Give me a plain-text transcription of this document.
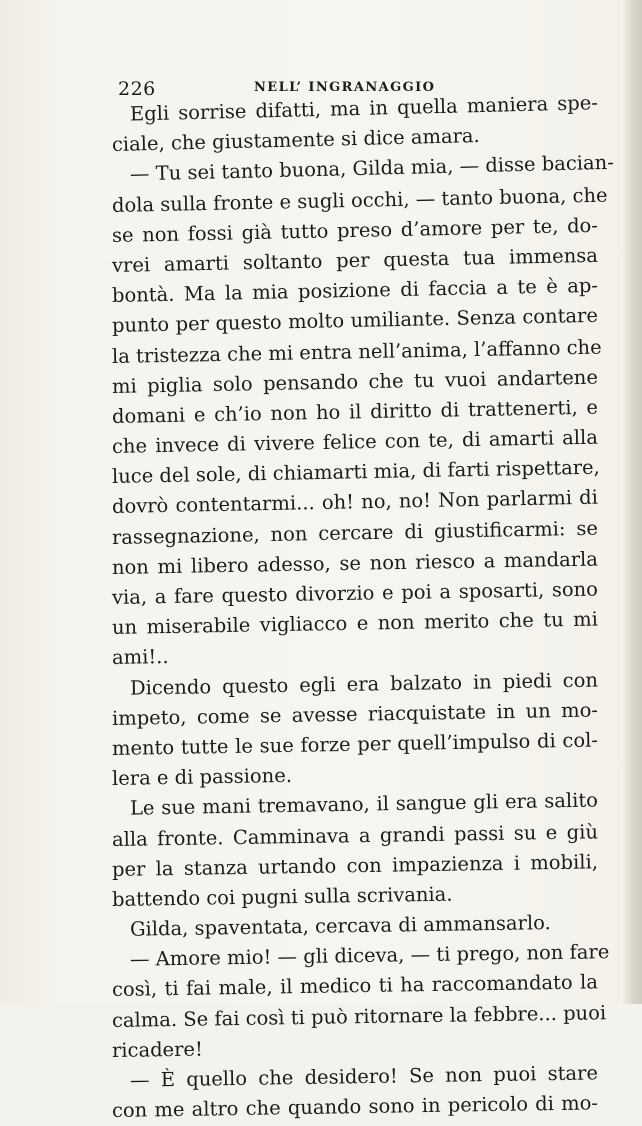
226	NELL’ INGRANAGGIO
Egli sorrise difatti, ma in quella maniera spe-
ciale, che giustamente si dice amara.
— Tu sei tanto buona, Gilda mia, — disse bacian-
dola sulla fronte e sugli occhi, — tanto buona, che
se non fossi già tutto preso d’amore per te, do-
vrei amarti soltanto per questa tua immensa
bontà. Ma la mia posizione di faccia a te è ap-
punto per questo molto umiliante. Senza contare
la tristezza che mi entra nell’anima, l’affanno che
mi piglia solo pensando che tu vuoi andartene
domani e ch’io non ho il diritto di trattenerti, e
che invece di vivere felice con te, di amarti alla
luce del sole, di chiamarti mia, di farti rispettare,
dovrò contentarmi... oh! no, no! Non parlarmi di
rassegnazione, non cercare di giustificarmi: se
non mi libero adesso, se non riesco a mandarla
via, a fare questo divorzio e poi a sposarti, sono
un miserabile vigliacco e non merito che tu mi
ami!..
Dicendo questo egli era balzato in piedi con
impeto, come se avesse riacquistate in un mo-
mento tutte le sue forze per quell’impulso di col-
lera e di passione.
Le sue mani tremavano, il sangue gli era salito
alla fronte. Camminava a grandi passi su e giù
per la stanza urtando con impazienza i mobili,
battendo coi pugni sulla scrivania.
Gilda, spaventata, cercava di ammansarlo.
— Amore mio! — gli diceva, — ti prego, non fare
così, ti fai male, il medico ti ha raccomandato la
calma. Se fai così ti può ritornare la febbre... puoi
ricadere!
— È quello che desidero! Se non puoi stare
con me altro che quando sono in pericolo di mo-
